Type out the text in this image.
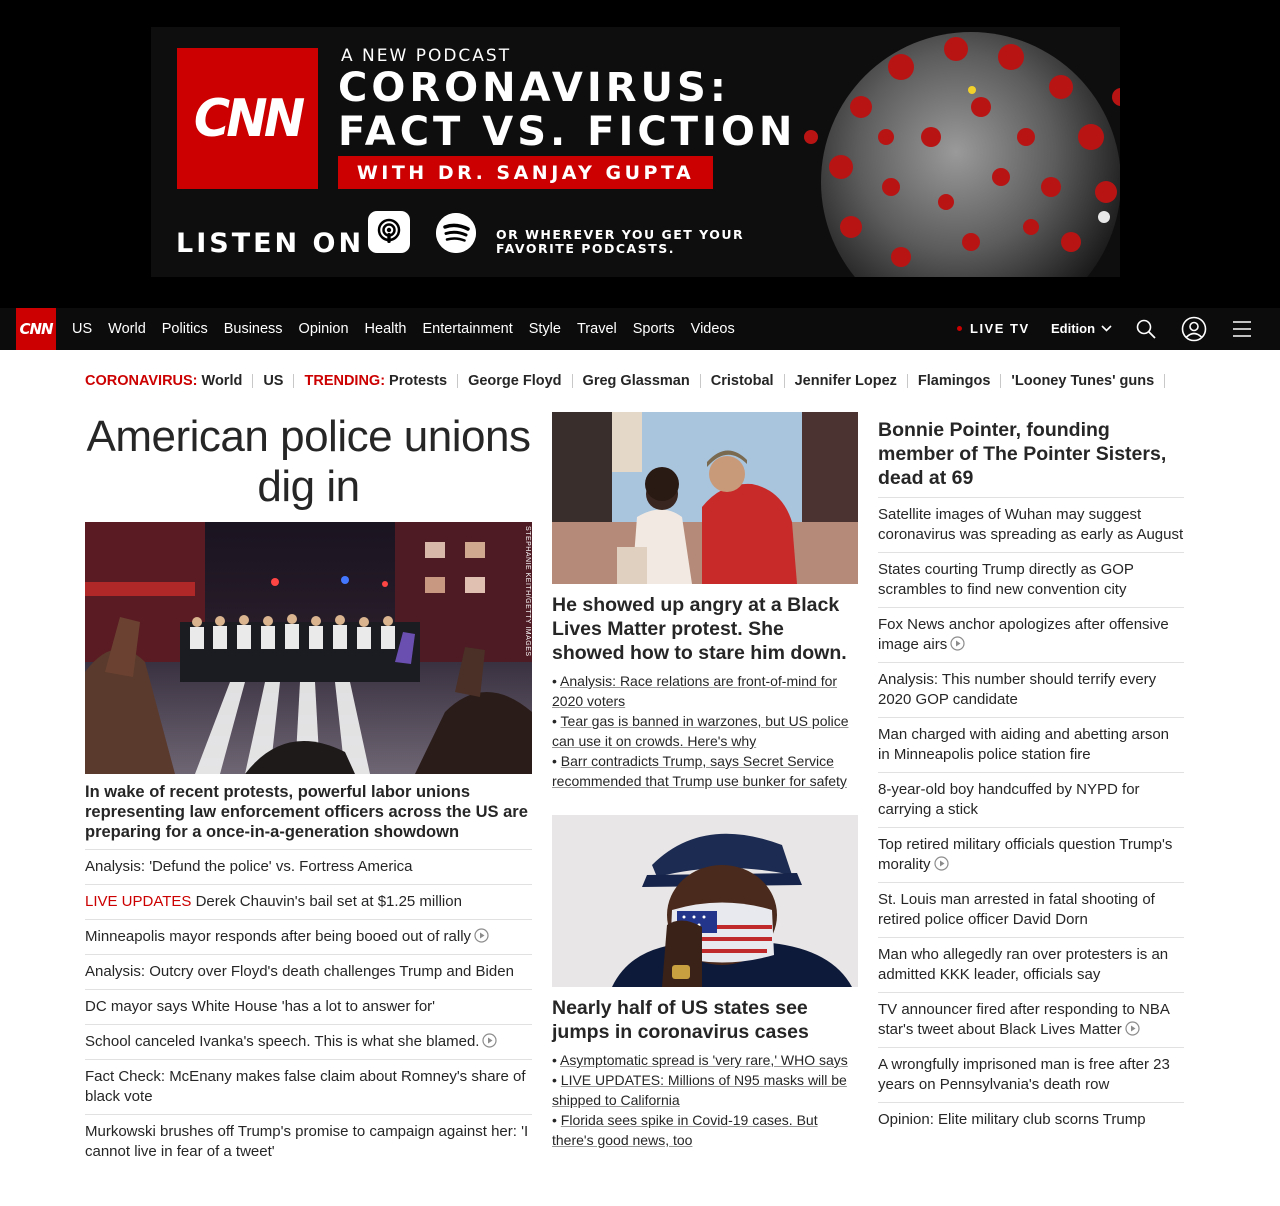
CNN
A NEW PODCAST
CORONAVIRUS:
FACT VS. FICTION
WITH DR. SANJAY GUPTA
LISTEN ON	OR WHEREVER YOU GET YOUR FAVORITE PODCASTS.
CNN US World Politics Business Opinion Health Entertainment Style Travel Sports Videos	LIVE TV Edition
CORONAVIRUS: World US TRENDING: Protests George Floyd Greg Glassman Cristobal Jennifer Lopez Flamingos 'Looney Tunes' guns
American police unions dig in
STEPHANIE KEITH/GETTY IMAGES
In wake of recent protests, powerful labor unions representing law enforcement officers across the US are preparing for a once-in-a-generation showdown
Analysis: 'Defund the police' vs. Fortress America
LIVE UPDATES Derek Chauvin's bail set at $1.25 million
Minneapolis mayor responds after being booed out of rally
Analysis: Outcry over Floyd's death challenges Trump and Biden
DC mayor says White House 'has a lot to answer for'
School canceled Ivanka's speech. This is what she blamed.
Fact Check: McEnany makes false claim about Romney's share of black vote
Murkowski brushes off Trump's promise to campaign against her: 'I cannot live in fear of a tweet'
He showed up angry at a Black Lives Matter protest. She showed how to stare him down.
• Analysis: Race relations are front-of-mind for 2020 voters
• Tear gas is banned in warzones, but US police can use it on crowds. Here's why
• Barr contradicts Trump, says Secret Service recommended that Trump use bunker for safety
Nearly half of US states see jumps in coronavirus cases
• Asymptomatic spread is 'very rare,' WHO says
• LIVE UPDATES: Millions of N95 masks will be shipped to California
• Florida sees spike in Covid-19 cases. But there's good news, too
Bonnie Pointer, founding member of The Pointer Sisters, dead at 69
Satellite images of Wuhan may suggest coronavirus was spreading as early as August
States courting Trump directly as GOP scrambles to find new convention city
Fox News anchor apologizes after offensive image airs
Analysis: This number should terrify every 2020 GOP candidate
Man charged with aiding and abetting arson in Minneapolis police station fire
8-year-old boy handcuffed by NYPD for carrying a stick
Top retired military officials question Trump's morality
St. Louis man arrested in fatal shooting of retired police officer David Dorn
Man who allegedly ran over protesters is an admitted KKK leader, officials say
TV announcer fired after responding to NBA star's tweet about Black Lives Matter
A wrongfully imprisoned man is free after 23 years on Pennsylvania's death row
Opinion: Elite military club scorns Trump
